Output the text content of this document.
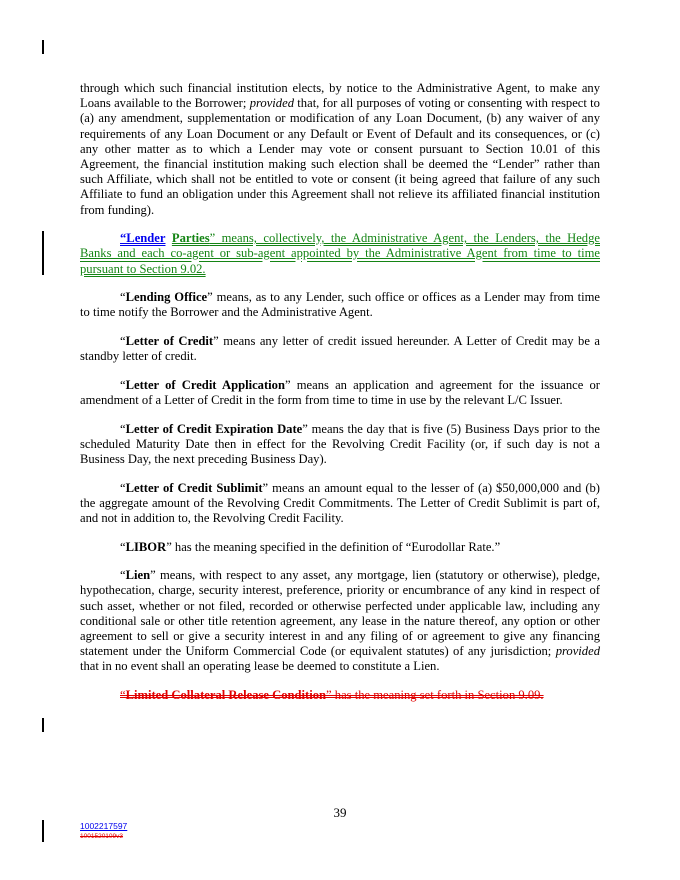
through which such financial institution elects, by notice to the Administrative Agent, to make any Loans available to the Borrower; provided that, for all purposes of voting or consenting with respect to (a) any amendment, supplementation or modification of any Loan Document, (b) any waiver of any requirements of any Loan Document or any Default or Event of Default and its consequences, or (c) any other matter as to which a Lender may vote or consent pursuant to Section 10.01 of this Agreement, the financial institution making such election shall be deemed the “Lender” rather than such Affiliate, which shall not be entitled to vote or consent (it being agreed that failure of any such Affiliate to fund an obligation under this Agreement shall not relieve its affiliated financial institution from funding).

“Lender Parties” means, collectively, the Administrative Agent, the Lenders, the Hedge Banks and each co-agent or sub-agent appointed by the Administrative Agent from time to time pursuant to Section 9.02.

“Lending Office” means, as to any Lender, such office or offices as a Lender may from time to time notify the Borrower and the Administrative Agent.

“Letter of Credit” means any letter of credit issued hereunder. A Letter of Credit may be a standby letter of credit.

“Letter of Credit Application” means an application and agreement for the issuance or amendment of a Letter of Credit in the form from time to time in use by the relevant L/C Issuer.

“Letter of Credit Expiration Date” means the day that is five (5) Business Days prior to the scheduled Maturity Date then in effect for the Revolving Credit Facility (or, if such day is not a Business Day, the next preceding Business Day).

“Letter of Credit Sublimit” means an amount equal to the lesser of (a) $50,000,000 and (b) the aggregate amount of the Revolving Credit Commitments. The Letter of Credit Sublimit is part of, and not in addition to, the Revolving Credit Facility.

“LIBOR” has the meaning specified in the definition of “Eurodollar Rate.”

“Lien” means, with respect to any asset, any mortgage, lien (statutory or otherwise), pledge, hypothecation, charge, security interest, preference, priority or encumbrance of any kind in respect of such asset, whether or not filed, recorded or otherwise perfected under applicable law, including any conditional sale or other title retention agreement, any lease in the nature thereof, any option or other agreement to sell or give a security interest in and any filing of or agreement to give any financing statement under the Uniform Commercial Code (or equivalent statutes) of any jurisdiction; provided that in no event shall an operating lease be deemed to constitute a Lien.

“Limited Collateral Release Condition” has the meaning set forth in Section 9.09.

39
1002217597
1001520109v3
